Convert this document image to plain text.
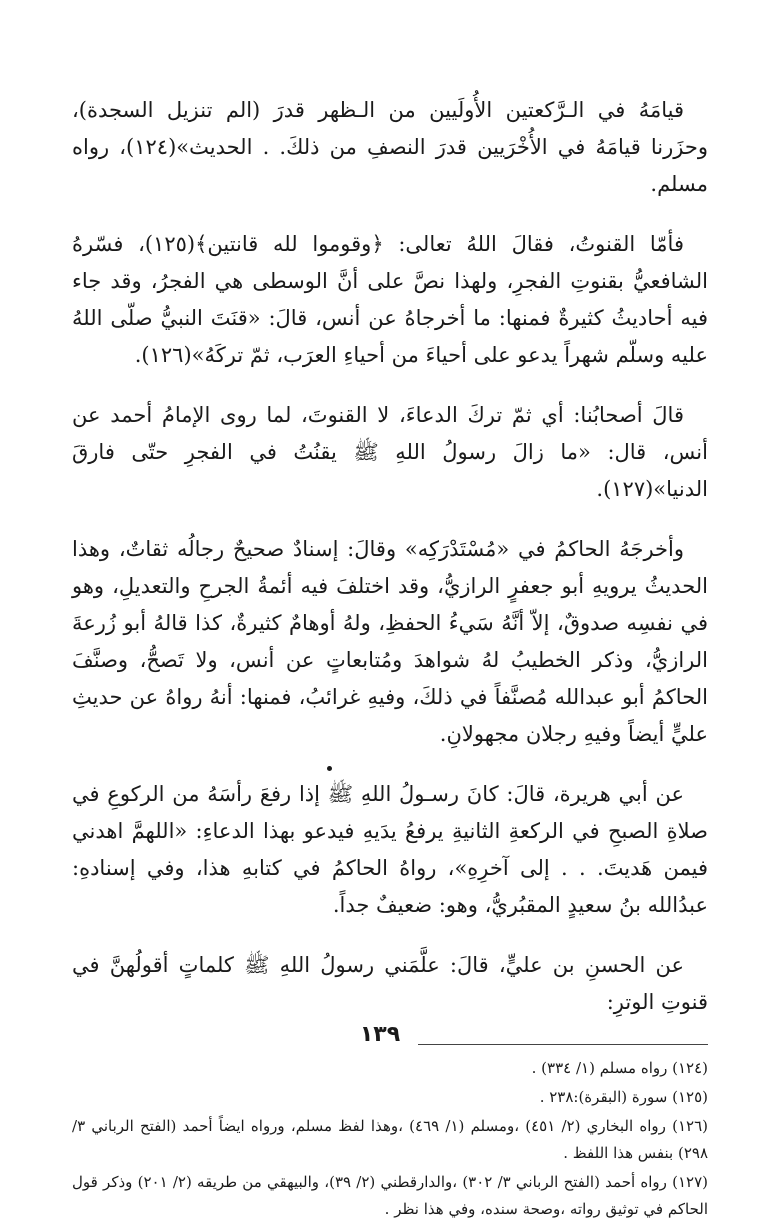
قيامَهُ في الـرَّكعتين الأُولَيين من الـظهر قدرَ (الم تنزيل السجدة)، وحزَرنا قيامَهُ في الأُخْرَيين قدرَ النصفِ من ذلكَ. . الحديث»(١٢٤)، رواه مسلم.

فأمّا القنوتُ، فقالَ اللهُ تعالى: ﴿وقوموا لله قانتين﴾(١٢٥)، فسّرهُ الشافعيُّ بقنوتِ الفجرِ، ولهذا نصَّ على أنَّ الوسطى هي الفجرُ، وقد جاء فيه أحاديثُ كثيرةٌ فمنها: ما أخرجاهُ عن أنس، قالَ: «قنَتَ النبيُّ صلّى اللهُ عليه وسلّم شهراً يدعو على أحياءَ من أحياءِ العرَب، ثمّ تركَهُ»(١٢٦).

قالَ أصحابُنا: أي ثمّ تركَ الدعاءَ، لا القنوتَ، لما روى الإمامُ أحمد عن أنس، قال: «ما زالَ رسولُ اللهِ ﷺ يقنُتُ في الفجرِ حتّى فارقَ الدنيا»(١٢٧).

وأخرجَهُ الحاكمُ في «مُسْتَدْرَكِه» وقالَ: إسنادٌ صحيحٌ رجالُه ثقاتٌ، وهذا الحديثُ يرويهِ أبو جعفرٍ الرازيُّ، وقد اختلفَ فيه أئمةُ الجرحِ والتعديلِ، وهو في نفسِه صدوقٌ، إلاّ أنَّهُ سَيءُ الحفظِ، ولهُ أوهامٌ كثيرةٌ، كذا قالهُ أبو زُرعةَ الرازيُّ، وذكر الخطيبُ لهُ شواهدَ ومُتابعاتٍ عن أنس، ولا تَصحُّ، وصنَّفَ الحاكمُ أبو عبدالله مُصنَّفاً في ذلكَ، وفيهِ غرائبُ، فمنها: أنهُ رواهُ عن حديثِ عليٍّ أيضاً وفيهِ رجلان مجهولانِ.

عن أبي هريرة، قالَ: كانَ رسـولُ اللهِ ﷺ إذا رفعَ رأسَهُ من الركوعِ في صلاةِ الصبحِ في الركعةِ الثانيةِ يرفعُ يدَيهِ فيدعو بهذا الدعاءِ: «اللهمَّ اهدني فيمن هَديتَ. . . إلى آخرِهِ»، رواهُ الحاكمُ في كتابهِ هذا، وفي إسنادهِ: عبدُالله بنُ سعيدٍ المقبُريُّ، وهو: ضعيفٌ جداً.

عن الحسنِ بن عليٍّ، قالَ: علَّمَني رسولُ اللهِ ﷺ كلماتٍ أقولُهنَّ في قنوتِ الوترِ:

(١٢٤) رواه مسلم (١/ ٣٣٤) .
(١٢٥) سورة (البقرة):٢٣٨ .
(١٢٦) رواه البخاري (٢/ ٤٥١) ،ومسلم (١/ ٤٦٩) ،وهذا لفظ مسلم، ورواه ايضاً أحمد (الفتح الرباني ٣/ ٢٩٨) بنفس هذا اللفظ .
(١٢٧) رواه أحمد (الفتح الرباني ٣/ ٣٠٢) ،والدارقطني (٢/ ٣٩)، والبيهقي من طريقه (٢/ ٢٠١) وذكر قول الحاكم في توثيق رواته ،وصحة سنده، وفي هذا نظر .
١٣٩
